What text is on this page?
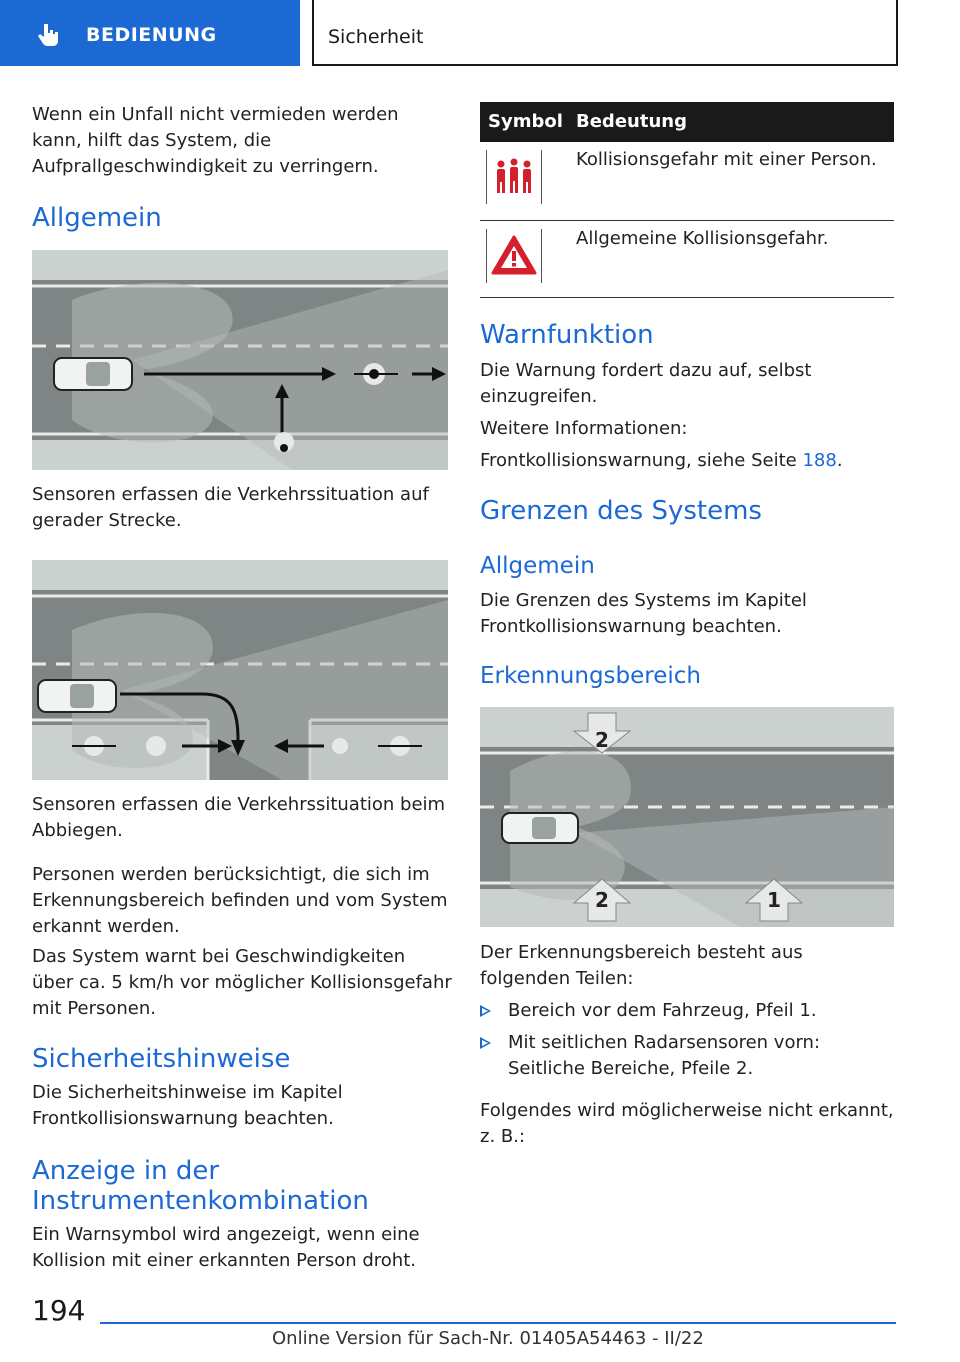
BEDIENUNG	Sicherheit
Wenn ein Unfall nicht vermieden werden kann, hilft das System, die Aufprallgeschwindigkeit zu verringern.
Allgemein
Sensoren erfassen die Verkehrssituation auf gerader Strecke.
Sensoren erfassen die Verkehrssituation beim Abbiegen.
Personen werden berücksichtigt, die sich im Erkennungsbereich befinden und vom System erkannt werden.
Das System warnt bei Geschwindigkeiten über ca. 5 km/h vor möglicher Kollisionsgefahr mit Personen.
Sicherheitshinweise
Die Sicherheitshinweise im Kapitel Frontkollisionswarnung beachten.
Anzeige in der Instrumentenkombination
Ein Warnsymbol wird angezeigt, wenn eine Kollision mit einer erkannten Person droht.
Symbol Bedeutung
Kollisionsgefahr mit einer Person.
Allgemeine Kollisionsgefahr.
Warnfunktion
Die Warnung fordert dazu auf, selbst einzugreifen.
Weitere Informationen:
Frontkollisionswarnung, siehe Seite 188.
Grenzen des Systems
Allgemein
Die Grenzen des Systems im Kapitel Frontkollisionswarnung beachten.
Erkennungsbereich
2
2	1
Der Erkennungsbereich besteht aus folgenden Teilen:
Bereich vor dem Fahrzeug, Pfeil 1.
Mit seitlichen Radarsensoren vorn: Seitliche Bereiche, Pfeile 2.
Folgendes wird möglicherweise nicht erkannt, z. B.:
194
Online Version für Sach-Nr. 01405A54463 - II/22
